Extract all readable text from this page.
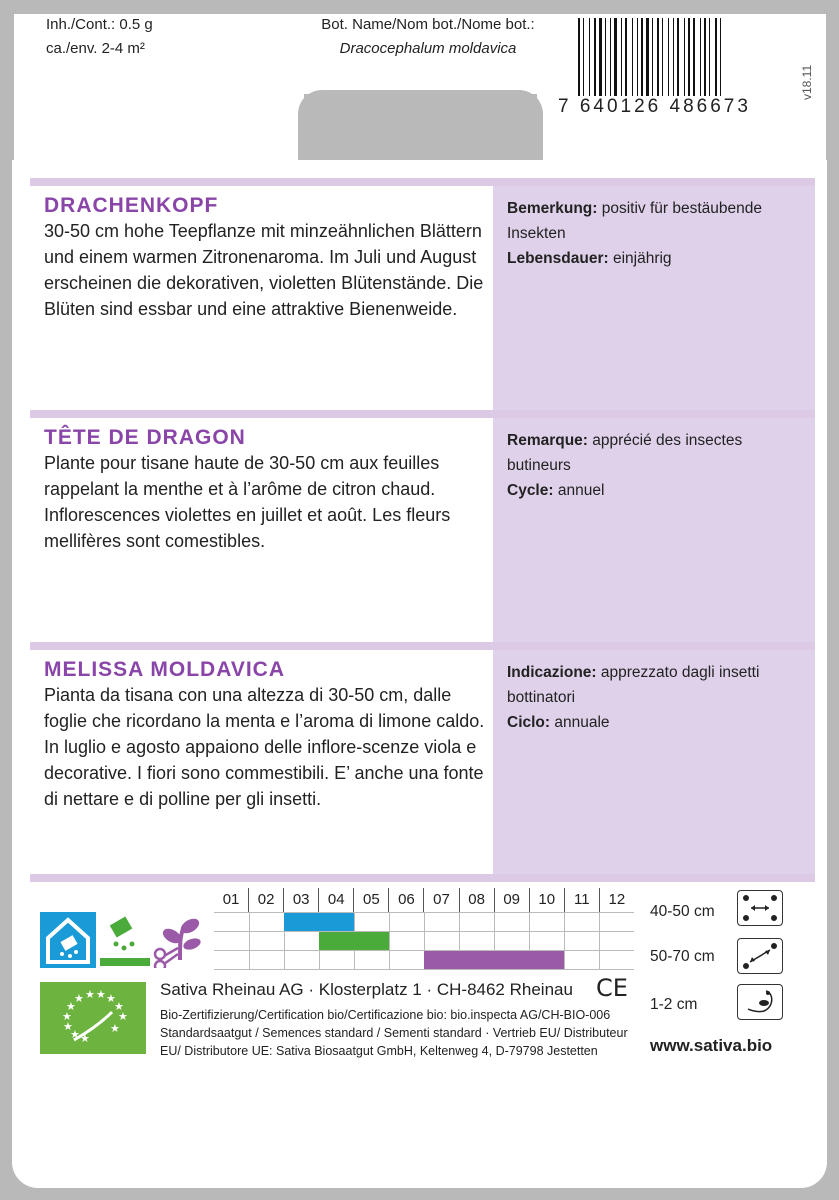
Inh./Cont.: 0.5 g
ca./env. 2-4 m²
Bot. Name/Nom bot./Nome bot.:
Dracocephalum moldavica
7 640126 486673
v18.11
Bemerkung: positiv für bestäubende Insekten
Lebensdauer: einjährig
DRACHENKOPF

30-50 cm hohe Teepflanze mit minzeähnlichen Blättern und einem warmen Zitronenaroma. Im Juli und August erscheinen die dekorativen, violetten Blütenstände. Die Blüten sind essbar und eine attraktive Bienenweide.

Remarque: apprécié des insectes butineurs
Cycle: annuel
TÊTE DE DRAGON

Plante pour tisane haute de 30-50 cm aux feuilles rappelant la menthe et à l’arôme de citron chaud. Inflorescences violettes en juillet et août. Les fleurs mellifères sont comestibles.

Indicazione: apprezzato dagli insetti bottinatori
Ciclo: annuale
MELISSA MOLDAVICA

Pianta da tisana con una altezza di 30-50 cm, dalle foglie che ricordano la menta e l’aroma di limone caldo. In luglio e agosto appaiono delle inflore-scenze viola e decorative. I fiori sono commestibili. E’ anche una fonte di nettare e di polline per gli insetti.

01	02	03	04	05	06	07	08	09	10	11	12
40-50 cm
50-70 cm
1-2 cm
★
★
★
★ ★ ★ ★
★
★
★ ★
★
Sativa Rheinau AG · Klosterplatz 1 · CH-8462 Rheinau CE
Bio-Zertifizierung/Certification bio/Certificazione bio: bio.inspecta AG/CH-BIO-006
Standardsaatgut / Semences standard / Sementi standard · Vertrieb EU/ Distributeur EU/ Distributore UE: Sativa Biosaatgut GmbH, Keltenweg 4, D-79798 Jestetten	www.sativa.bio
